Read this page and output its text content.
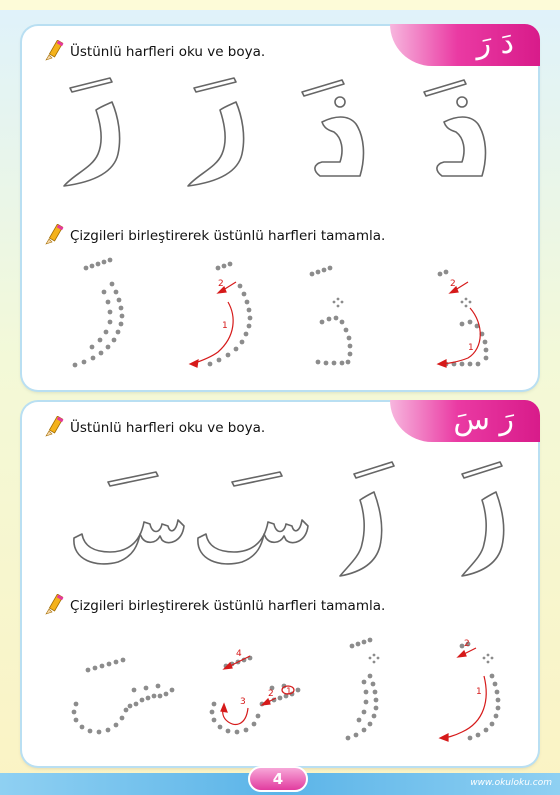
دَ رَ
Üstünlü harfleri oku ve boya.
Çizgileri birleştirerek üstünlü harfleri tamamla.
1
2
1
2
رَ سَ
Üstünlü harfleri oku ve boya.
Çizgileri birleştirerek üstünlü harfleri tamamla.
4
3
2 1	1
2
4	www.okuloku.com
